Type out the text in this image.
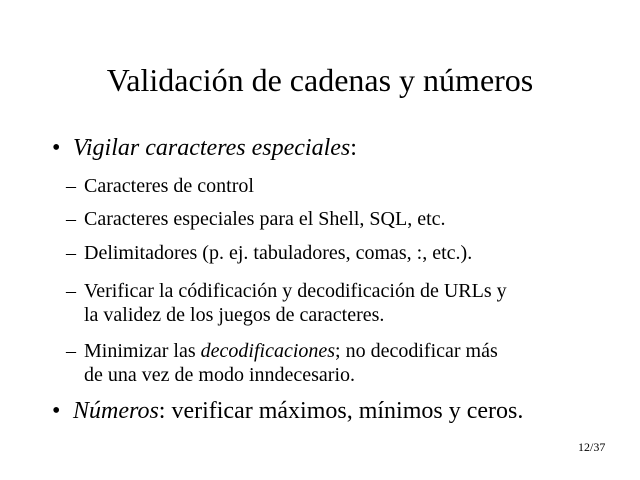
Validación de cadenas y números
• Vigilar caracteres especiales:
– Caracteres de control
– Caracteres especiales para el Shell, SQL, etc.
– Delimitadores (p. ej. tabuladores, comas, :, etc.).
– Verificar la códificación y decodificación de URLs y
la validez de los juegos de caracteres.
– Minimizar las decodificaciones; no decodificar más
de una vez de modo inndecesario.
• Números: verificar máximos, mínimos y ceros.
12/37
